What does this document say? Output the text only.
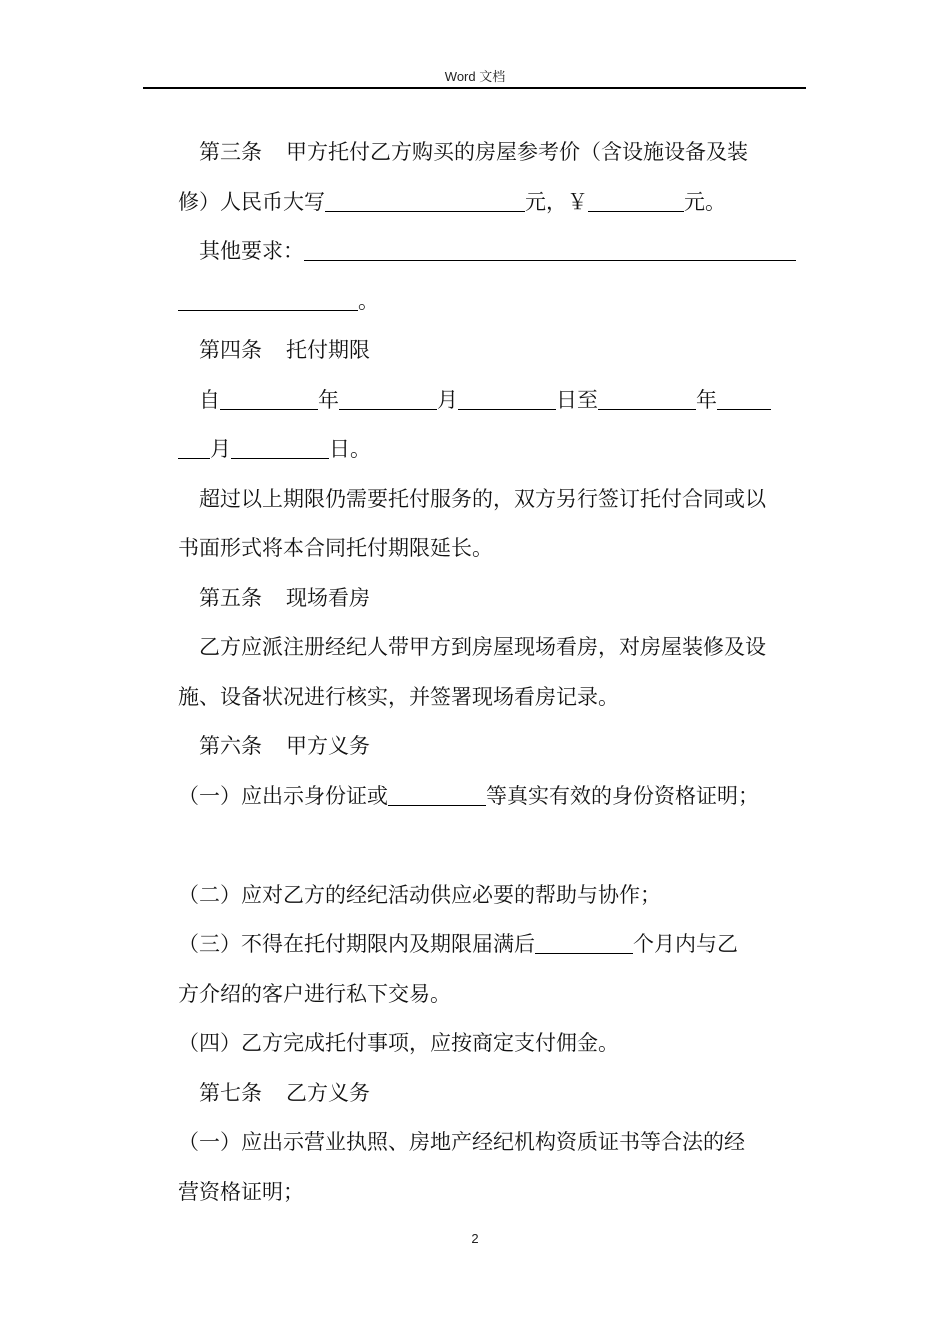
Word 文档
第三条 甲方托付乙方购买的房屋参考价（含设施设备及装
修）人民币大写	元，￥	元。
其他要求：
。
第四条 托付期限
自	年	月	日至	年
月	日。
超过以上期限仍需要托付服务的，双方另行签订托付合同或以
书面形式将本合同托付期限延长。
第五条 现场看房
乙方应派注册经纪人带甲方到房屋现场看房，对房屋装修及设
施、设备状况进行核实，并签署现场看房记录。
第六条 甲方义务
（一）应出示身份证或	等真实有效的身份资格证明；
（二）应对乙方的经纪活动供应必要的帮助与协作；
（三）不得在托付期限内及期限届满后	个月内与乙
方介绍的客户进行私下交易。
（四）乙方完成托付事项，应按商定支付佣金。
第七条 乙方义务
（一）应出示营业执照、房地产经纪机构资质证书等合法的经
营资格证明；
2
